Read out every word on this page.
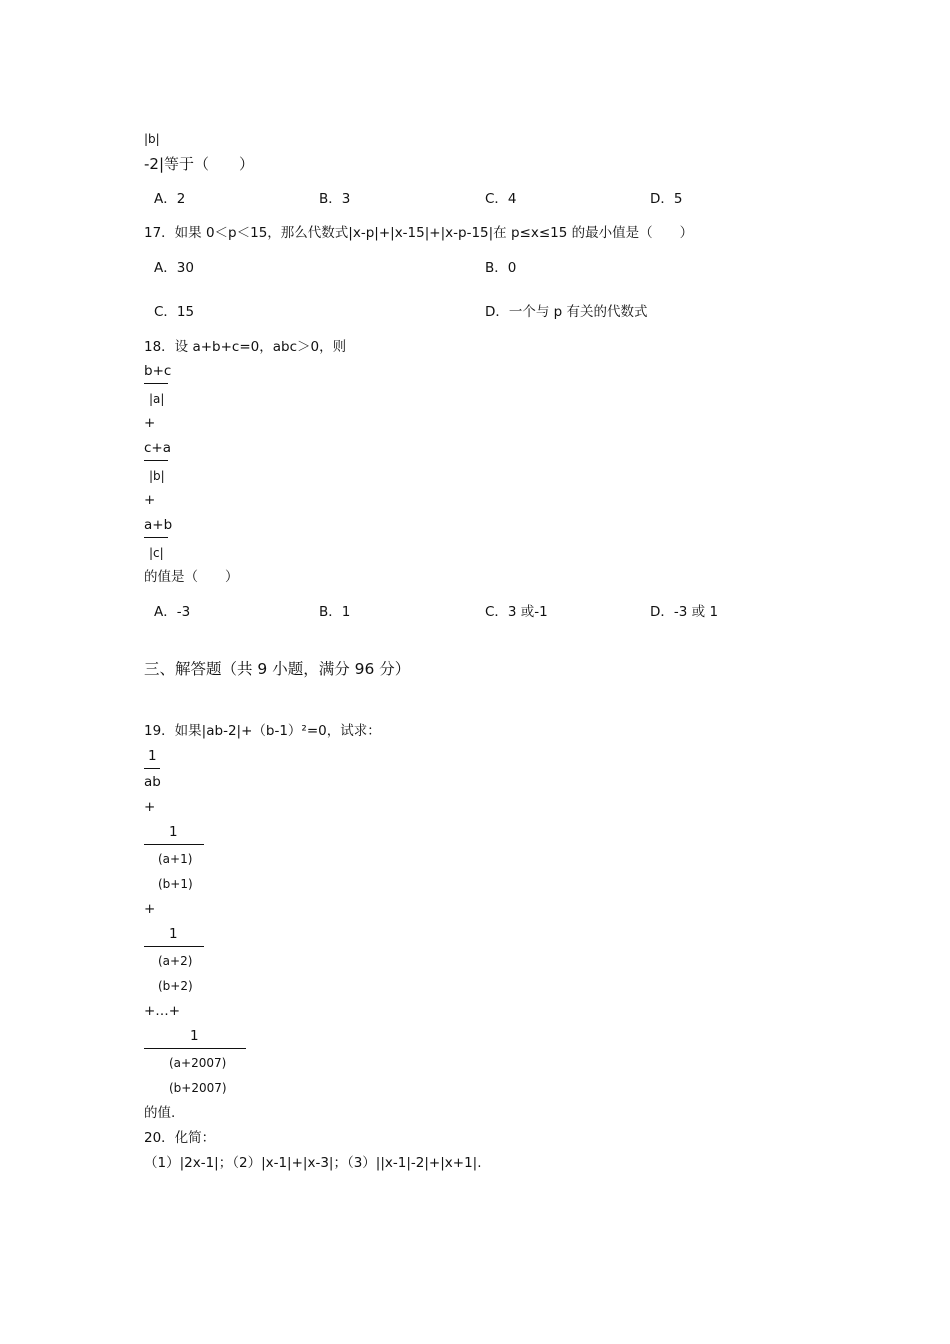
|b|
-2|等于（　　）
A．2	B．3	C．4	D．5
17．如果 0＜p＜15，那么代数式|x-p|+|x-15|+|x-p-15|在 p≤x≤15 的最小值是（　　）
A．30	B．0
C．15	D．一个与 p 有关的代数式
18．设 a+b+c=0，abc＞0，则
b+c
|a|
+
c+a
|b|
+
a+b
|c|
的值是（　　）
A．-3	B．1	C．3 或-1	D．-3 或 1
三、解答题（共 9 小题，满分 96 分）
19．如果|ab-2|+（b-1）²=0，试求：
1
ab
+
1
(a+1)
(b+1)
+
1
(a+2)
(b+2)
+…+
1
(a+2007)
(b+2007)
的值.
20．化简：
（1）|2x-1|；（2）|x-1|+|x-3|；（3）||x-1|-2|+|x+1|.
